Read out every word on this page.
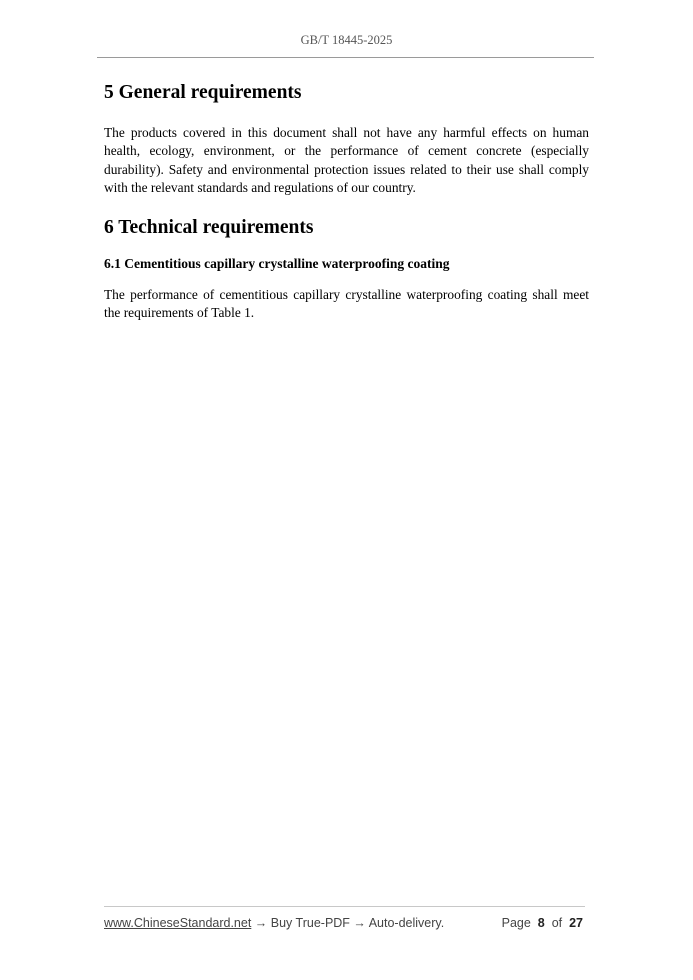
GB/T 18445-2025
5 General requirements

The products covered in this document shall not have any harmful effects on human health, ecology, environment, or the performance of cement concrete (especially durability). Safety and environmental protection issues related to their use shall comply with the relevant standards and regulations of our country.

6 Technical requirements
6.1 Cementitious capillary crystalline waterproofing coating

The performance of cementitious capillary crystalline waterproofing coating shall meet the requirements of Table 1.

www.ChineseStandard.net → Buy True-PDF → Auto-delivery.	Page 8 of 27
